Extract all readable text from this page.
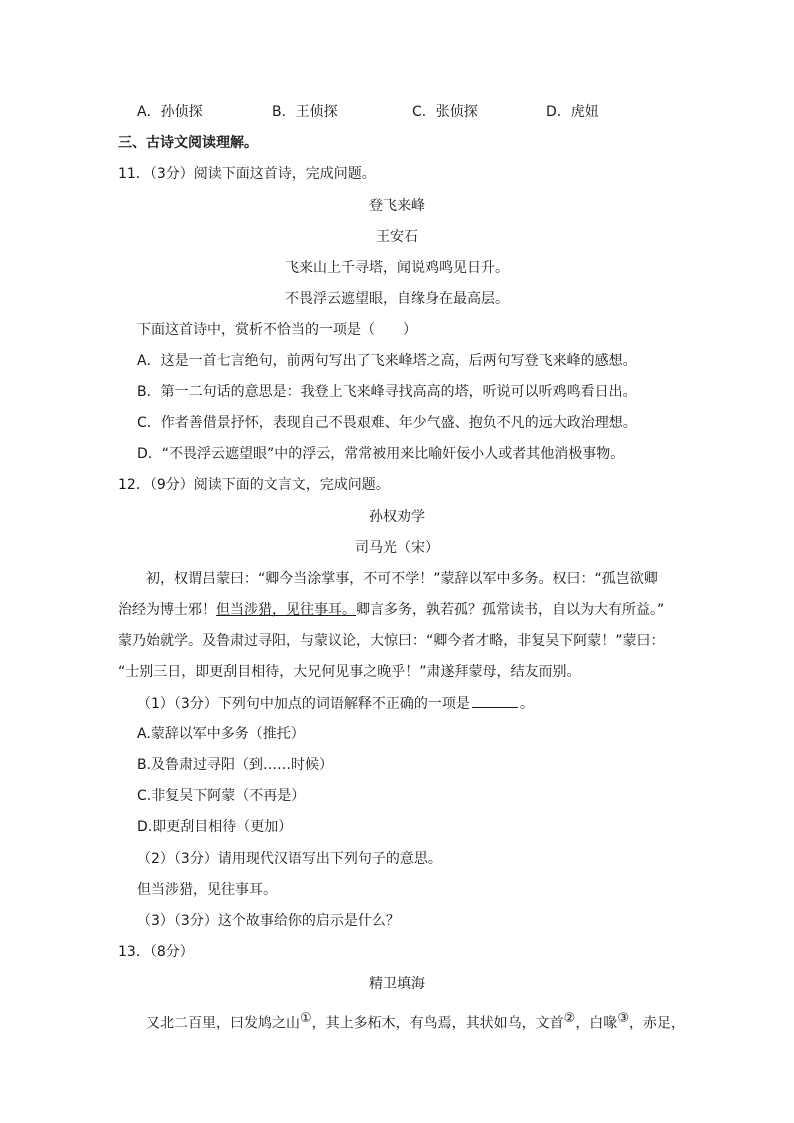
A．孙侦探	B．王侦探	C．张侦探	D．虎妞
三、古诗文阅读理解。
11．（3分）阅读下面这首诗，完成问题。
登飞来峰
王安石
飞来山上千寻塔，闻说鸡鸣见日升。
不畏浮云遮望眼，自缘身在最高层。
下面这首诗中，赏析不恰当的一项是（　　）
A．这是一首七言绝句，前两句写出了飞来峰塔之高，后两句写登飞来峰的感想。
B．第一二句话的意思是：我登上飞来峰寻找高高的塔，听说可以听鸡鸣看日出。
C．作者善借景抒怀，表现自己不畏艰难、年少气盛、抱负不凡的远大政治理想。
D．“不畏浮云遮望眼”中的浮云，常常被用来比喻奸佞小人或者其他消极事物。
12．（9分）阅读下面的文言文，完成问题。
孙权劝学
司马光（宋）
初，权谓吕蒙曰：“卿今当涂掌事，不可不学！”蒙辞以军中多务。权曰：“孤岂欲卿
治经为博士邪！但当涉猎，见往事耳。卿言多务，孰若孤？孤常读书，自以为大有所益。”
蒙乃始就学。及鲁肃过寻阳，与蒙议论，大惊曰：“卿今者才略，非复吴下阿蒙！”蒙曰：
“士别三日，即更刮目相待，大兄何见事之晚乎！”肃遂拜蒙母，结友而别。
（1）（3分）下列句中加点的词语解释不正确的一项是	。
A.蒙辞以军中多务（推托）
B.及鲁肃过寻阳（到……时候）
C.非复吴下阿蒙（不再是）
D.即更刮目相待（更加）
（2）（3分）请用现代汉语写出下列句子的意思。
但当涉猎，见往事耳。
（3）（3分）这个故事给你的启示是什么？
13．（8分）
精卫填海
又北二百里，曰发鸠之山①，其上多柘木，有鸟焉，其状如乌，文首②，白喙③，赤足，
